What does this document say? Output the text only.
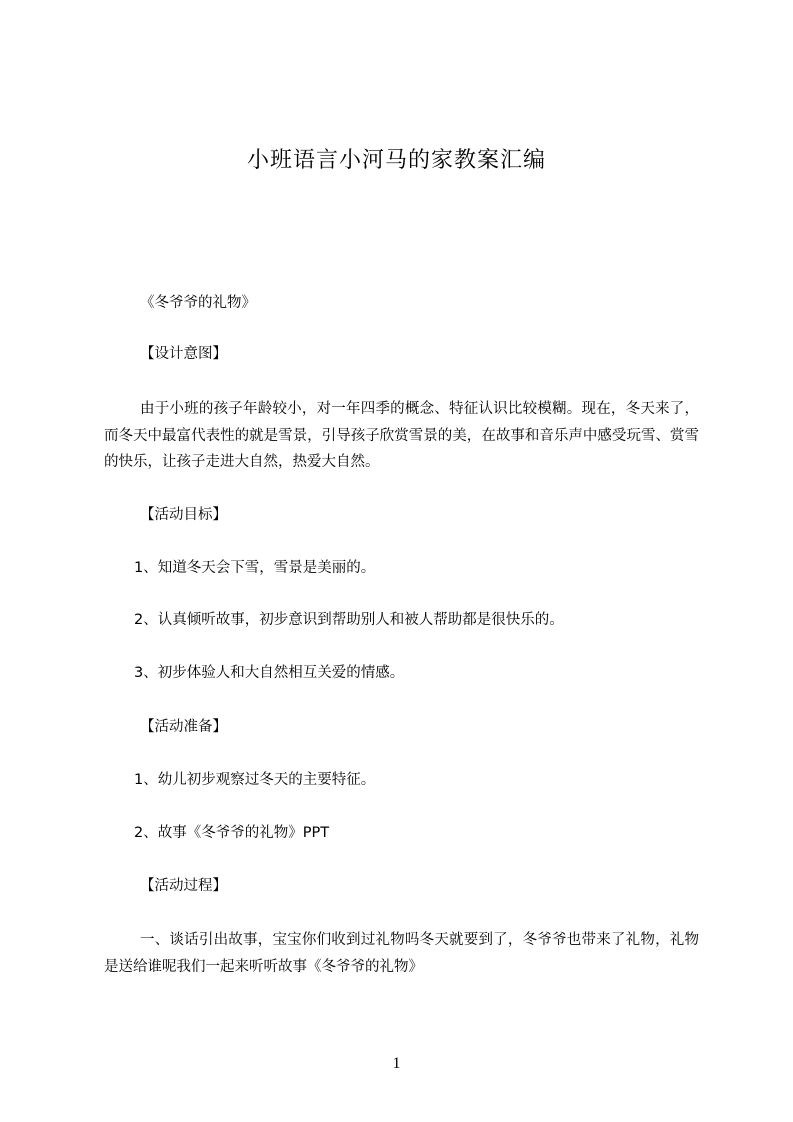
小班语言小河马的家教案汇编
《冬爷爷的礼物》
【设计意图】
由于小班的孩子年龄较小，对一年四季的概念、特征认识比较模糊。现在，冬天来了，而冬天中最富代表性的就是雪景，引导孩子欣赏雪景的美，在故事和音乐声中感受玩雪、赏雪的快乐，让孩子走进大自然，热爱大自然。
【活动目标】
1、知道冬天会下雪，雪景是美丽的。
2、认真倾听故事，初步意识到帮助别人和被人帮助都是很快乐的。
3、初步体验人和大自然相互关爱的情感。
【活动准备】
1、幼儿初步观察过冬天的主要特征。
2、故事《冬爷爷的礼物》PPT
【活动过程】
一、谈话引出故事，宝宝你们收到过礼物吗冬天就要到了，冬爷爷也带来了礼物，礼物是送给谁呢我们一起来听听故事《冬爷爷的礼物》
1
